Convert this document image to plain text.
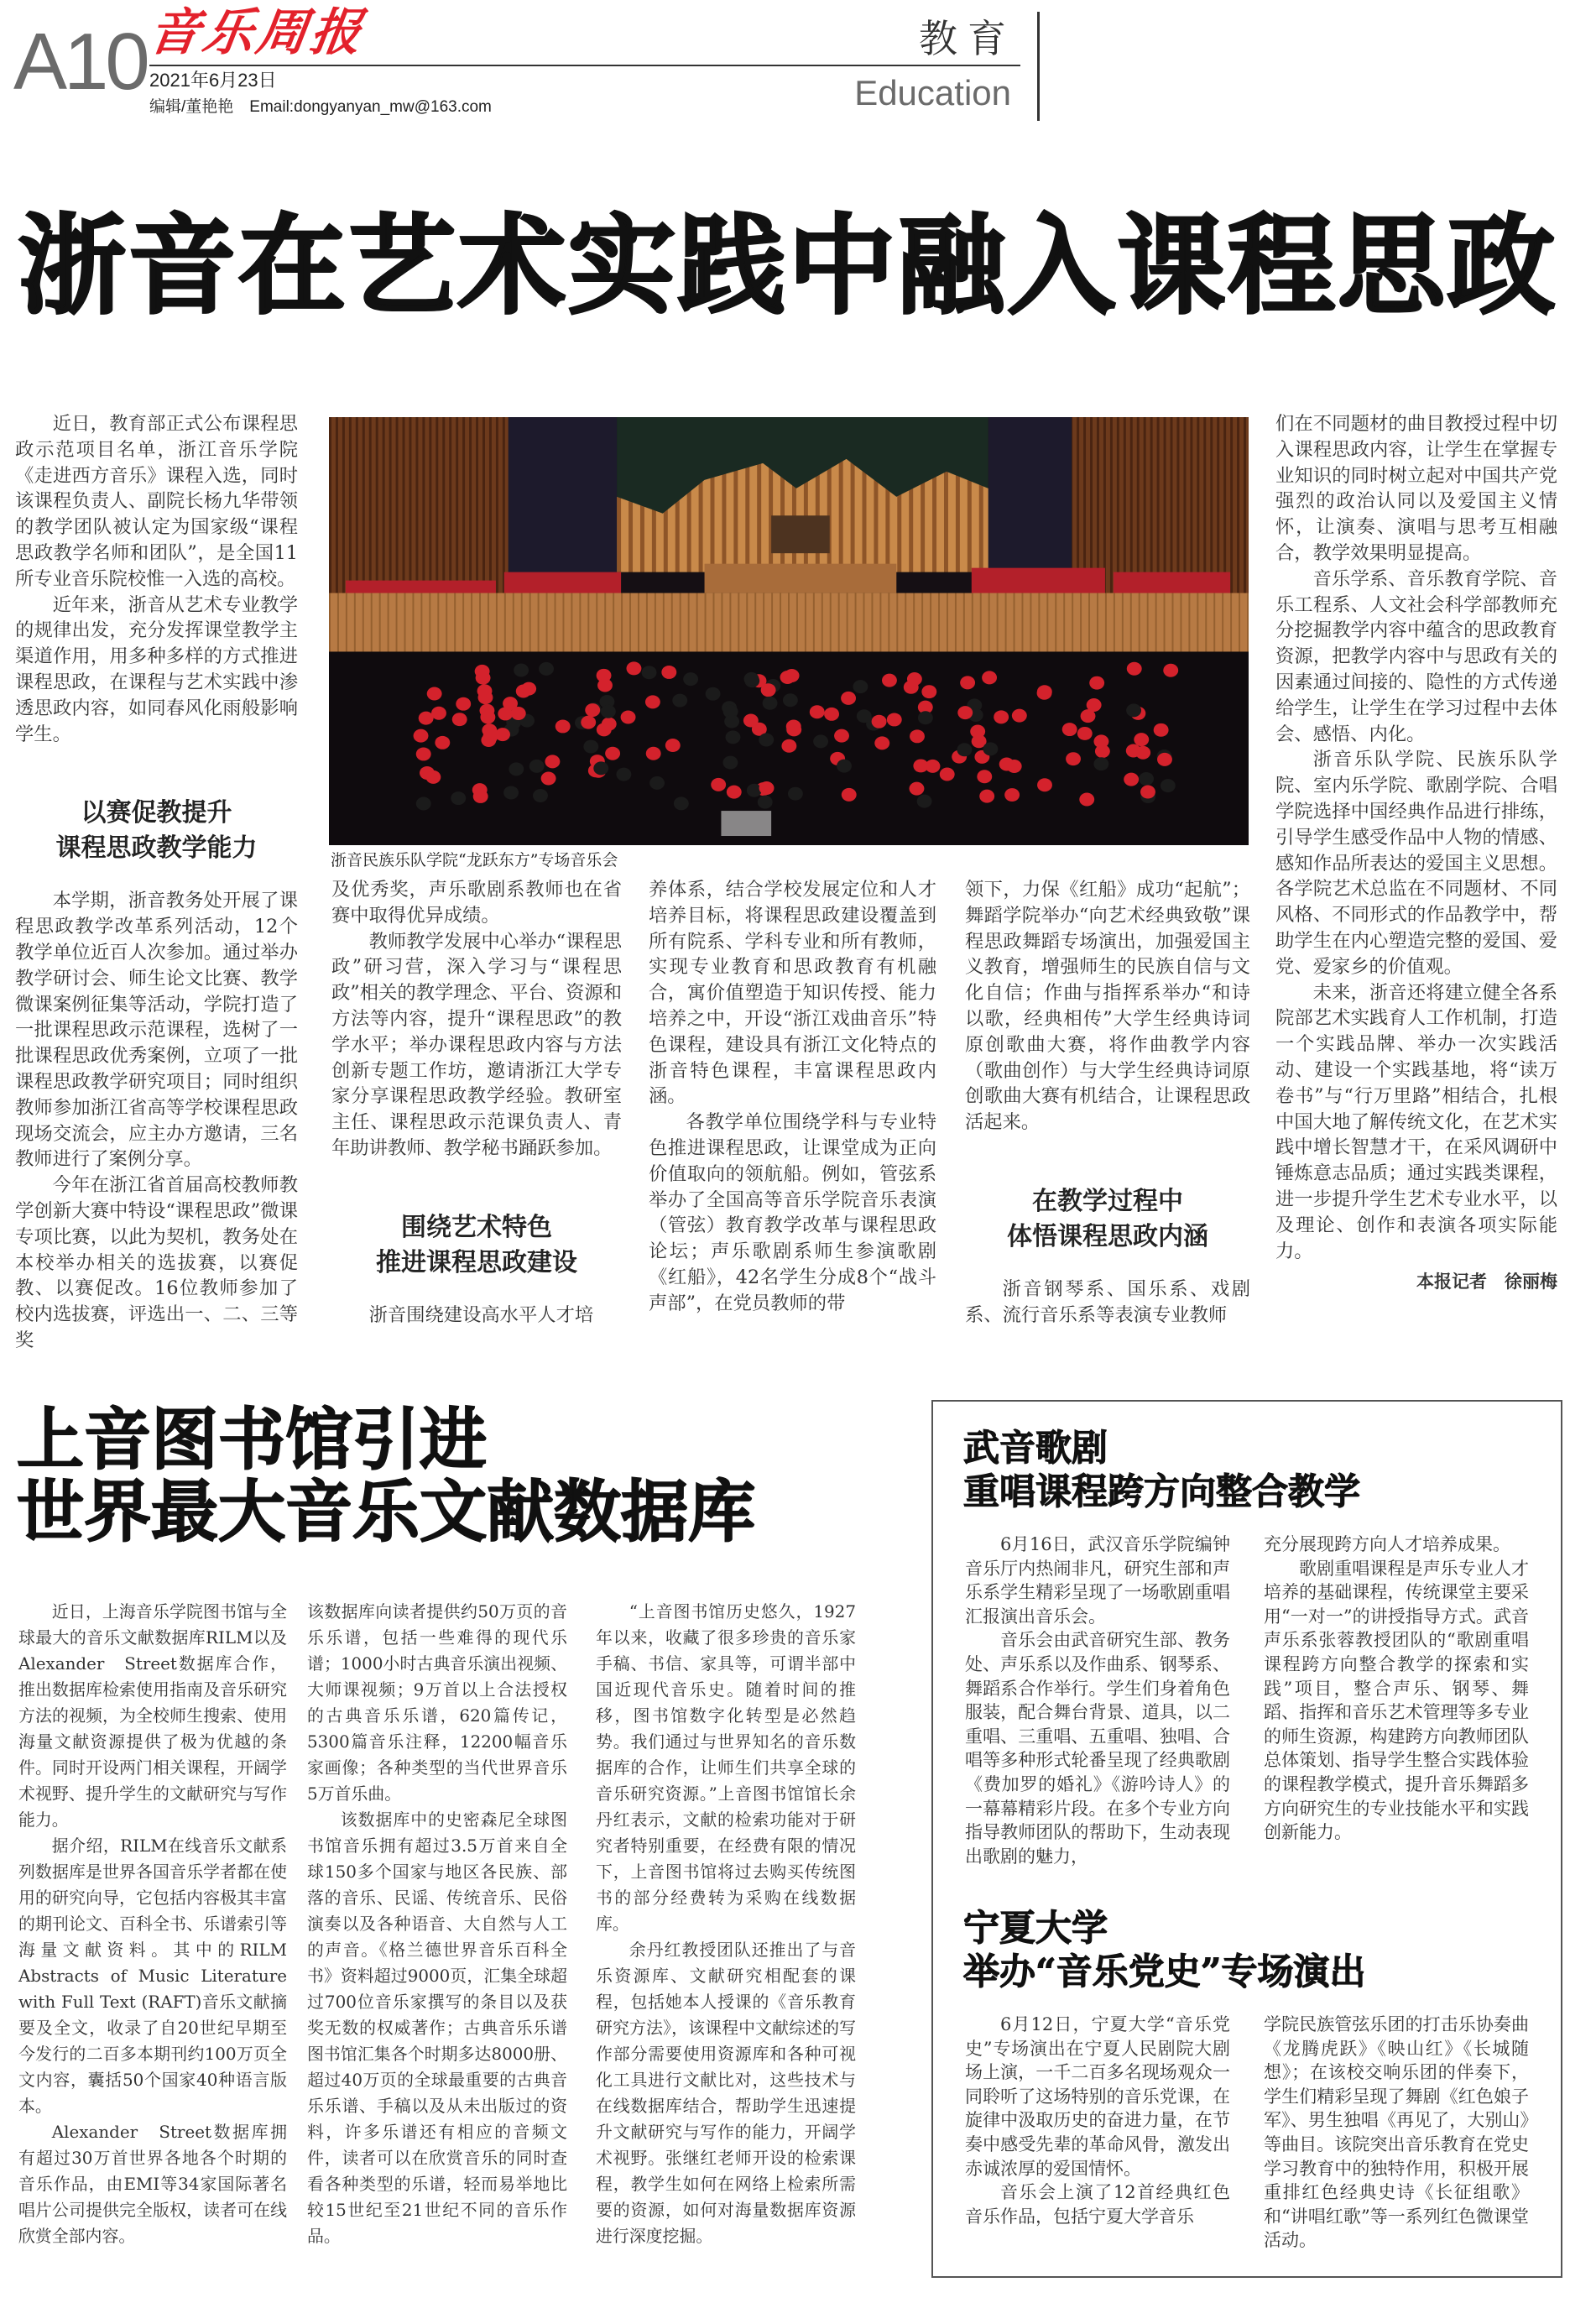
A10
音乐周报
2021年6月23日
编辑/董艳艳　Email:dongyanyan_mw@163.com
教育
Education
浙音在艺术实践中融入课程思政
浙音民族乐队学院“龙跃东方”专场音乐会

近日，教育部正式公布课程思政示范项目名单，浙江音乐学院《走进西方音乐》课程入选，同时该课程负责人、副院长杨九华带领的教学团队被认定为国家级“课程思政教学名师和团队”，是全国11所专业音乐院校惟一入选的高校。

近年来，浙音从艺术专业教学的规律出发，充分发挥课堂教学主渠道作用，用多种多样的方式推进课程思政，在课程与艺术实践中渗透思政内容，如同春风化雨般影响学生。

以赛促教提升
课程思政教学能力

本学期，浙音教务处开展了课程思政教学改革系列活动，12个教学单位近百人次参加。通过举办教学研讨会、师生论文比赛、教学微课案例征集等活动，学院打造了一批课程思政示范课程，选树了一批课程思政优秀案例，立项了一批课程思政教学研究项目；同时组织教师参加浙江省高等学校课程思政现场交流会，应主办方邀请，三名教师进行了案例分享。

今年在浙江省首届高校教师教学创新大赛中特设“课程思政”微课专项比赛，以此为契机，教务处在本校举办相关的选拔赛，以赛促教、以赛促改。16位教师参加了校内选拔赛，评选出一、二、三等奖

及优秀奖，声乐歌剧系教师也在省赛中取得优异成绩。

教师教学发展中心举办“课程思政”研习营，深入学习与“课程思政”相关的教学理念、平台、资源和方法等内容，提升“课程思政”的教学水平；举办课程思政内容与方法创新专题工作坊，邀请浙江大学专家分享课程思政教学经验。教研室主任、课程思政示范课负责人、青年助讲教师、教学秘书踊跃参加。

围绕艺术特色
推进课程思政建设

浙音围绕建设高水平人才培

养体系，结合学校发展定位和人才培养目标，将课程思政建设覆盖到所有院系、学科专业和所有教师，实现专业教育和思政教育有机融合，寓价值塑造于知识传授、能力培养之中，开设“浙江戏曲音乐”特色课程，建设具有浙江文化特点的浙音特色课程，丰富课程思政内涵。

各教学单位围绕学科与专业特色推进课程思政，让课堂成为正向价值取向的领航船。例如，管弦系举办了全国高等音乐学院音乐表演（管弦）教育教学改革与课程思政论坛；声乐歌剧系师生参演歌剧《红船》，42名学生分成8个“战斗声部”，在党员教师的带

领下，力保《红船》成功“起航”；舞蹈学院举办“向艺术经典致敬”课程思政舞蹈专场演出，加强爱国主义教育，增强师生的民族自信与文化自信；作曲与指挥系举办“和诗以歌，经典相传”大学生经典诗词原创歌曲大赛，将作曲教学内容（歌曲创作）与大学生经典诗词原创歌曲大赛有机结合，让课程思政活起来。

在教学过程中
体悟课程思政内涵

浙音钢琴系、国乐系、戏剧系、流行音乐系等表演专业教师

们在不同题材的曲目教授过程中切入课程思政内容，让学生在掌握专业知识的同时树立起对中国共产党强烈的政治认同以及爱国主义情怀，让演奏、演唱与思考互相融合，教学效果明显提高。

音乐学系、音乐教育学院、音乐工程系、人文社会科学部教师充分挖掘教学内容中蕴含的思政教育资源，把教学内容中与思政有关的因素通过间接的、隐性的方式传递给学生，让学生在学习过程中去体会、感悟、内化。

浙音乐队学院、民族乐队学院、室内乐学院、歌剧学院、合唱学院选择中国经典作品进行排练，引导学生感受作品中人物的情感、感知作品所表达的爱国主义思想。各学院艺术总监在不同题材、不同风格、不同形式的作品教学中，帮助学生在内心塑造完整的爱国、爱党、爱家乡的价值观。

未来，浙音还将建立健全各系院部艺术实践育人工作机制，打造一个实践品牌、举办一次实践活动、建设一个实践基地，将“读万卷书”与“行万里路”相结合，扎根中国大地了解传统文化，在艺术实践中增长智慧才干，在采风调研中锤炼意志品质；通过实践类课程，进一步提升学生艺术专业水平，以及理论、创作和表演各项实际能力。

本报记者　徐丽梅
上音图书馆引进
世界最大音乐文献数据库

近日，上海音乐学院图书馆与全球最大的音乐文献数据库RILM以及Alexander　Street数据库合作，推出数据库检索使用指南及音乐研究方法的视频，为全校师生搜索、使用海量文献资源提供了极为优越的条件。同时开设两门相关课程，开阔学术视野、提升学生的文献研究与写作能力。

据介绍，RILM在线音乐文献系列数据库是世界各国音乐学者都在使用的研究向导，它包括内容极其丰富的期刊论文、百科全书、乐谱索引等海量文献资料。其中的RILM Abstracts of Music Literature with Full Text (RAFT)音乐文献摘要及全文，收录了自20世纪早期至今发行的二百多本期刊约100万页全文内容，囊括50个国家40种语言版本。

Alexander　Street数据库拥有超过30万首世界各地各个时期的音乐作品，由EMI等34家国际著名唱片公司提供完全版权，读者可在线欣赏全部内容。

该数据库向读者提供约50万页的音乐乐谱，包括一些难得的现代乐谱；1000小时古典音乐演出视频、大师课视频；9万首以上合法授权的古典音乐乐谱，620篇传记，5300篇音乐注释，12200幅音乐家画像；各种类型的当代世界音乐5万首乐曲。

该数据库中的史密森尼全球图书馆音乐拥有超过3.5万首来自全球150多个国家与地区各民族、部落的音乐、民谣、传统音乐、民俗演奏以及各种语音、大自然与人工的声音。《格兰德世界音乐百科全书》资料超过9000页，汇集全球超过700位音乐家撰写的条目以及获奖无数的权威著作；古典音乐乐谱图书馆汇集各个时期多达8000册、超过40万页的全球最重要的古典音乐乐谱、手稿以及从未出版过的资料，许多乐谱还有相应的音频文件，读者可以在欣赏音乐的同时查看各种类型的乐谱，轻而易举地比较15世纪至21世纪不同的音乐作品。

“上音图书馆历史悠久，1927年以来，收藏了很多珍贵的音乐家手稿、书信、家具等，可谓半部中国近现代音乐史。随着时间的推移，图书馆数字化转型是必然趋势。我们通过与世界知名的音乐数据库的合作，让师生们共享全球的音乐研究资源。”上音图书馆馆长余丹红表示，文献的检索功能对于研究者特别重要，在经费有限的情况下，上音图书馆将过去购买传统图书的部分经费转为采购在线数据库。

余丹红教授团队还推出了与音乐资源库、文献研究相配套的课程，包括她本人授课的《音乐教育研究方法》，该课程中文献综述的写作部分需要使用资源库和各种可视化工具进行文献比对，这些技术与在线数据库结合，帮助学生迅速提升文献研究与写作的能力，开阔学术视野。张继红老师开设的检索课程，教学生如何在网络上检索所需要的资源，如何对海量数据库资源进行深度挖掘。

武音歌剧
重唱课程跨方向整合教学

6月16日，武汉音乐学院编钟音乐厅内热闹非凡，研究生部和声乐系学生精彩呈现了一场歌剧重唱汇报演出音乐会。

音乐会由武音研究生部、教务处、声乐系以及作曲系、钢琴系、舞蹈系合作举行。学生们身着角色服装，配合舞台背景、道具，以二重唱、三重唱、五重唱、独唱、合唱等多种形式轮番呈现了经典歌剧《费加罗的婚礼》《游吟诗人》的一幕幕精彩片段。在多个专业方向指导教师团队的帮助下，生动表现出歌剧的魅力，

充分展现跨方向人才培养成果。

歌剧重唱课程是声乐专业人才培养的基础课程，传统课堂主要采用“一对一”的讲授指导方式。武音声乐系张蓉教授团队的“歌剧重唱课程跨方向整合教学的探索和实践”项目，整合声乐、钢琴、舞蹈、指挥和音乐艺术管理等多专业的师生资源，构建跨方向教师团队总体策划、指导学生整合实践体验的课程教学模式，提升音乐舞蹈多方向研究生的专业技能水平和实践创新能力。

宁夏大学
举办“音乐党史”专场演出

6月12日，宁夏大学“音乐党史”专场演出在宁夏人民剧院大剧场上演，一千二百多名现场观众一同聆听了这场特别的音乐党课，在旋律中汲取历史的奋进力量，在节奏中感受先辈的革命风骨，激发出赤诚浓厚的爱国情怀。

音乐会上演了12首经典红色音乐作品，包括宁夏大学音乐

学院民族管弦乐团的打击乐协奏曲《龙腾虎跃》《映山红》《长城随想》；在该校交响乐团的伴奏下，学生们精彩呈现了舞剧《红色娘子军》、男生独唱《再见了，大别山》等曲目。该院突出音乐教育在党史学习教育中的独特作用，积极开展重排红色经典史诗《长征组歌》和“讲唱红歌”等一系列红色微课堂活动。
